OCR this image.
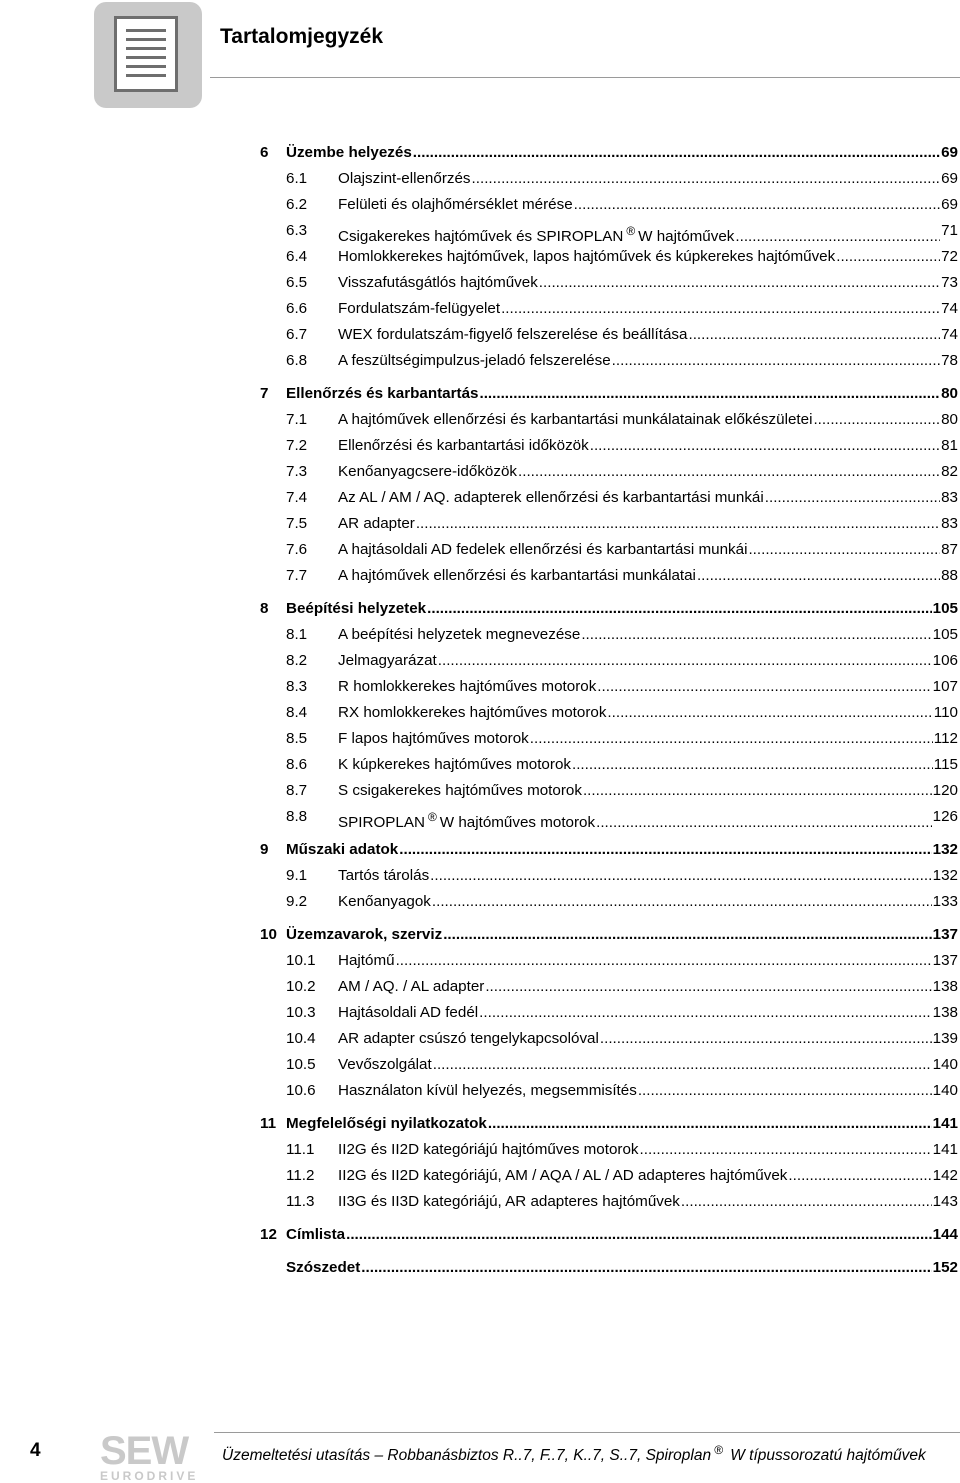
Tartalomjegyzék
6 Üzembe helyezés .....	69
6.1 Olajszint-ellenőrzés .....	69
6.2 Felületi és olajhőmérséklet mérése .....	69
6.3 Csigakerekes hajtóművek és SPIROPLAN ® W hajtóművek .....	71
6.4 Homlokkerekes hajtóművek, lapos hajtóművek és kúpkerekes hajtóművek .....	72
6.5 Visszafutásgátlós hajtóművek .....	73
6.6 Fordulatszám-felügyelet .....	74
6.7 WEX fordulatszám-figyelő felszerelése és beállítása .....	74
6.8 A feszültségimpulzus-jeladó felszerelése .....	78
7 Ellenőrzés és karbantartás .....	80
7.1 A hajtóművek ellenőrzési és karbantartási munkálatainak előkészületei .....	80
7.2 Ellenőrzési és karbantartási időközök .....	81
7.3 Kenőanyagcsere-időközök .....	82
7.4 Az AL / AM / AQ. adapterek ellenőrzési és karbantartási munkái .....	83
7.5 AR adapter .....	83
7.6 A hajtásoldali AD fedelek ellenőrzési és karbantartási munkái .....	87
7.7 A hajtóművek ellenőrzési és karbantartási munkálatai .....	88
8 Beépítési helyzetek .....	105
8.1 A beépítési helyzetek megnevezése .....	105
8.2 Jelmagyarázat .....	106
8.3 R homlokkerekes hajtóműves motorok .....	107
8.4 RX homlokkerekes hajtóműves motorok .....	110
8.5 F lapos hajtóműves motorok .....	112
8.6 K kúpkerekes hajtóműves motorok .....	115
8.7 S csigakerekes hajtóműves motorok .....	120
8.8 SPIROPLAN ® W hajtóműves motorok .....	126
9 Műszaki adatok .....	132
9.1 Tartós tárolás .....	132
9.2 Kenőanyagok .....	133
10 Üzemzavarok, szerviz .....	137
10.1 Hajtómű .....	137
10.2 AM / AQ. / AL adapter .....	138
10.3 Hajtásoldali AD fedél .....	138
10.4 AR adapter csúszó tengelykapcsolóval .....	139
10.5 Vevőszolgálat .....	140
10.6 Használaton kívül helyezés, megsemmisítés .....	140
11 Megfelelőségi nyilatkozatok .....	141
11.1 II2G és II2D kategóriájú hajtóműves motorok .....	141
11.2 II2G és II2D kategóriájú, AM / AQA / AL / AD adapteres hajtóművek .....	142
11.3 II3G és II3D kategóriájú, AR adapteres hajtóművek .....	143
12 Címlista .....	144
Szószedet .....	152
4 SEW
EURODRIVE
Üzemeltetési utasítás – Robbanásbiztos R..7, F..7, K..7, S..7, Spiroplan ® W típussorozatú hajtóművek
